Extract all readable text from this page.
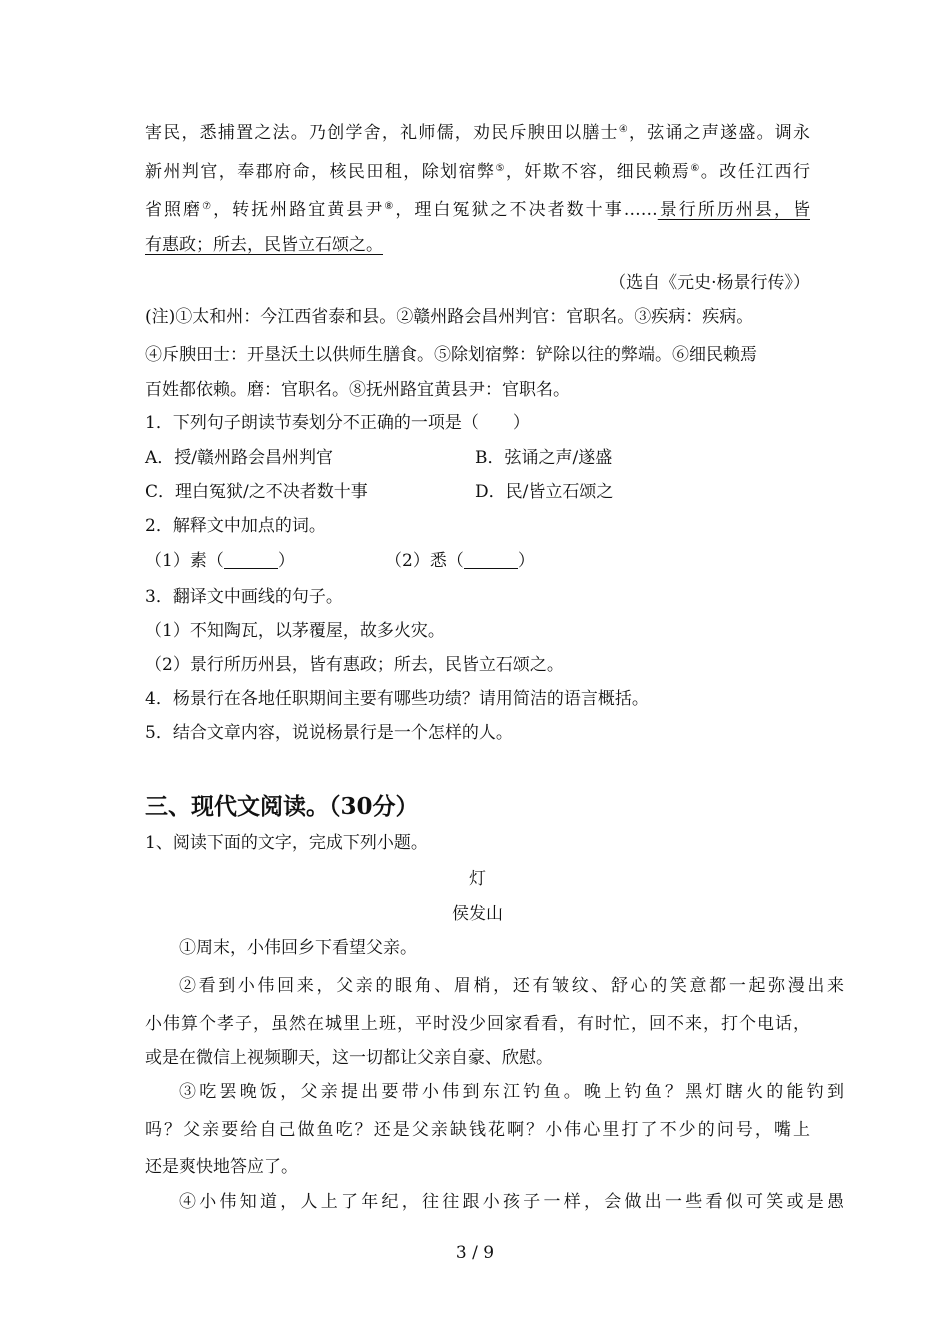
害民，悉捕置之法。乃创学舍，礼师儒，劝民斥腴田以膳士④，弦诵之声遂盛。调永
新州判官，奉郡府命，核民田租，除划宿弊⑤，奸欺不容，细民赖焉⑥。改任江西行
省照磨⑦，转抚州路宜黄县尹⑧，理白冤狱之不决者数十事……景行所历州县，皆
有惠政；所去，民皆立石颂之。
（选自《元史·杨景行传》）
(注)①太和州：今江西省泰和县。②赣州路会昌州判官：官职名。③疾病：疾病。
④斥腴田士：开垦沃土以供师生膳食。⑤除划宿弊：铲除以往的弊端。⑥细民赖焉
百姓都依赖。磨：官职名。⑧抚州路宜黄县尹：官职名。
1．下列句子朗读节奏划分不正确的一项是（　　）
A．授/赣州路会昌州判官	B．弦诵之声/遂盛
C．理白冤狱/之不决者数十事	D．民/皆立石颂之
2．解释文中加点的词。
（1）素（	）	（2）悉（	）
3．翻译文中画线的句子。
（1）不知陶瓦，以茅覆屋，故多火灾。
（2）景行所历州县，皆有惠政；所去，民皆立石颂之。
4．杨景行在各地任职期间主要有哪些功绩？请用简洁的语言概括。
5．结合文章内容，说说杨景行是一个怎样的人。
三、现代文阅读。（30分）
1、阅读下面的文字，完成下列小题。
灯
侯发山
①周末，小伟回乡下看望父亲。
②看到小伟回来，父亲的眼角、眉梢，还有皱纹、舒心的笑意都一起弥漫出来
小伟算个孝子，虽然在城里上班，平时没少回家看看，有时忙，回不来，打个电话，
或是在微信上视频聊天，这一切都让父亲自豪、欣慰。
③吃罢晚饭，父亲提出要带小伟到东江钓鱼。晚上钓鱼？黑灯瞎火的能钓到
吗？父亲要给自己做鱼吃？还是父亲缺钱花啊？小伟心里打了不少的问号，嘴上
还是爽快地答应了。
④小伟知道，人上了年纪，往往跟小孩子一样，会做出一些看似可笑或是愚
3 / 9
